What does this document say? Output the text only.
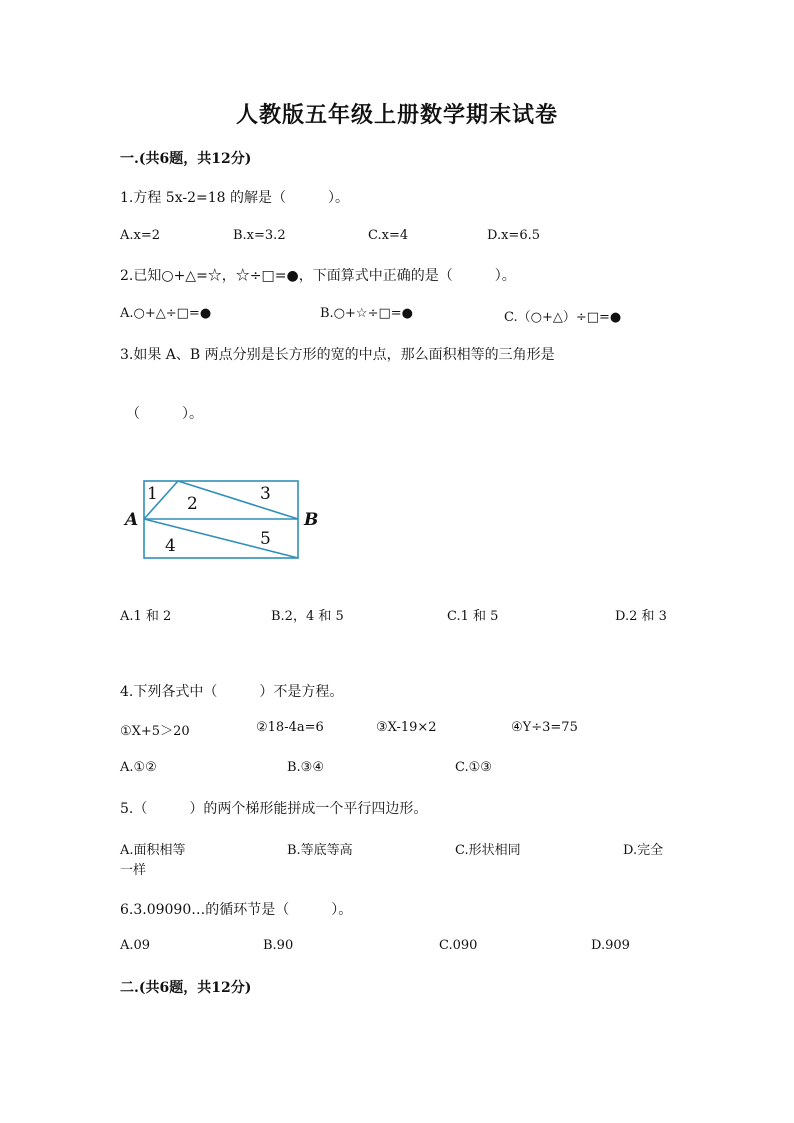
人教版五年级上册数学期末试卷
一.(共6题，共12分)
1.方程 5x-2=18 的解是（　　　）。
A.x=2	B.x=3.2	C.x=4	D.x=6.5
2.已知○+△=☆，☆÷□=●，下面算式中正确的是（　　　）。
A.○+△÷□=●	B.○+☆÷□=●	C.（○+△）÷□=●
3.如果 A、B 两点分别是长方形的宽的中点，那么面积相等的三角形是
（　　　）。
A	B
1 2	3
4	5
A.1 和 2	B.2，4 和 5	C.1 和 5	D.2 和 3
4.下列各式中（　　　）不是方程。
①X+5＞20	②18-4a=6	③X-19×2	④Y÷3=75
A.①②	B.③④	C.①③
5.（　　　）的两个梯形能拼成一个平行四边形。
A.面积相等	B.等底等高	C.形状相同	D.完全
一样
6.3.09090…的循环节是（　　　）。
A.09	B.90	C.090	D.909
二.(共6题，共12分)
